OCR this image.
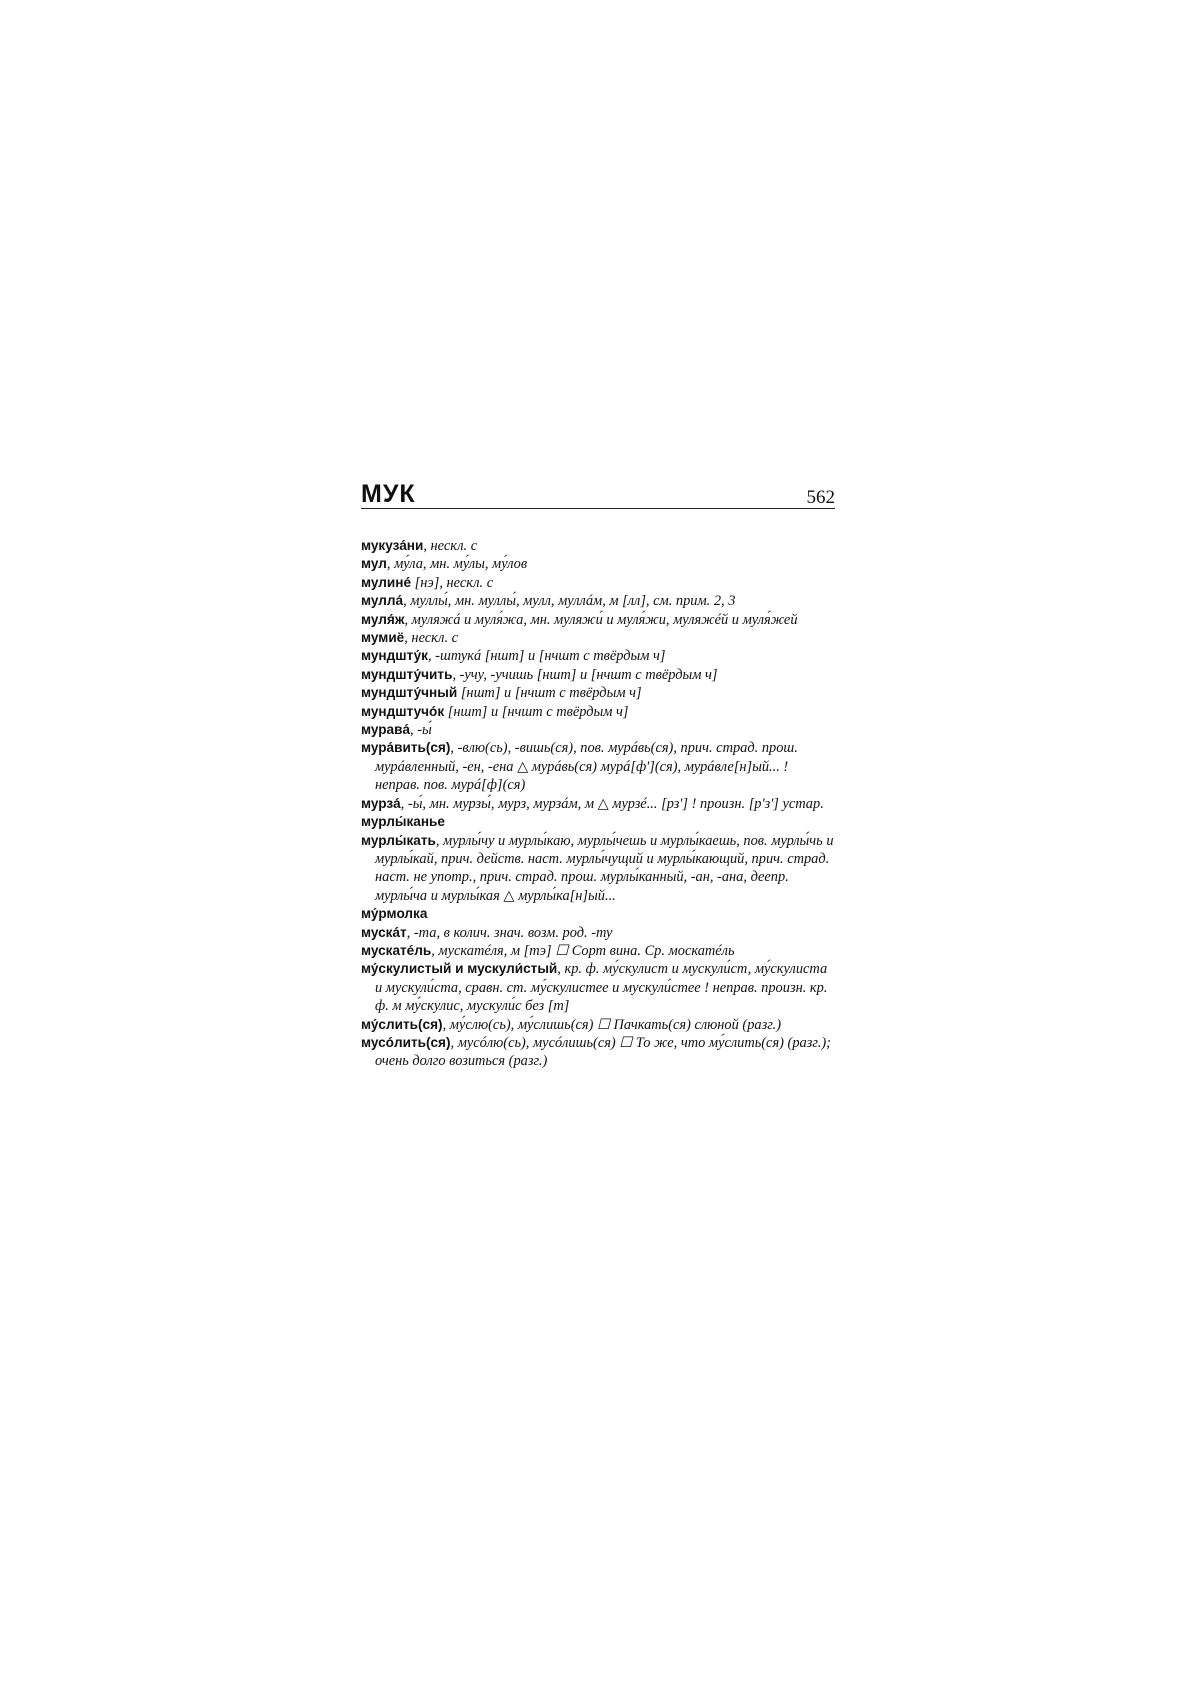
МУК	562
мукуза́ни, нескл. с
мул, му́ла, мн. му́лы, му́лов
мулинé [нэ], нескл. с
мулла́, муллы́, мн. муллы́, мулл, муллáм, м [лл], см. прим. 2, 3
муля́ж, муляжá и муля́жа, мн. муляжи́ и муля́жи, муляжéй и муля́жей
мумиё, нескл. с
мундшту́к, -штукá [ншт] и [нчшт с твёрдым ч]
мундшту́чить, -учу, -учишь [ншт] и [нчшт с твёрдым ч]
мундшту́чный [ншт] и [нчшт с твёрдым ч]
мундштучóк [ншт] и [нчшт с твёрдым ч]
муравá, -ы́
мурáвить(ся), -влю(сь), -вишь(ся), пов. мурáвь(ся), прич. страд. прош. мурáвленный, -ен, -ена △ мурáвь(ся) мурá[ф'](ся), мурáвле[н]ый... ! неправ. пов. мурá[ф](ся)
мурзá, -ы́, мн. мурзы́, мурз, мурзáм, м △ мурзé... [рз'] ! произн. [р'з'] устар.
мурлы́канье
мурлы́кать, мурлы́чу и мурлы́каю, мурлы́чешь и мурлы́каешь, пов. мурлы́чь и мурлы́кай, прич. действ. наст. мурлы́чущий и мурлы́кающий, прич. страд. наст. не употр., прич. страд. прош. мурлы́канный, -ан, -ана, деепр. мурлы́ча и мурлы́кая △ мурлы́ка[н]ый...
му́рмолка
мускáт, -та, в колич. знач. возм. род. -ту
мускатéль, мускатéля, м [тэ] ☐ Сорт вина. Ср. москатéль
му́скулистый и мускули́стый, кр. ф. му́скулист и мускули́ст, му́скулиста и мускули́ста, сравн. ст. му́скулистее и мускули́стее ! неправ. произн. кр. ф. м му́скулис, мускули́с без [т]
му́слить(ся), му́слю(сь), му́слишь(ся) ☐ Пачкать(ся) слюной (разг.)
мусóлить(ся), мусóлю(сь), мусóлишь(ся) ☐ То же, что му́слить(ся) (разг.); очень долго возиться (разг.)
